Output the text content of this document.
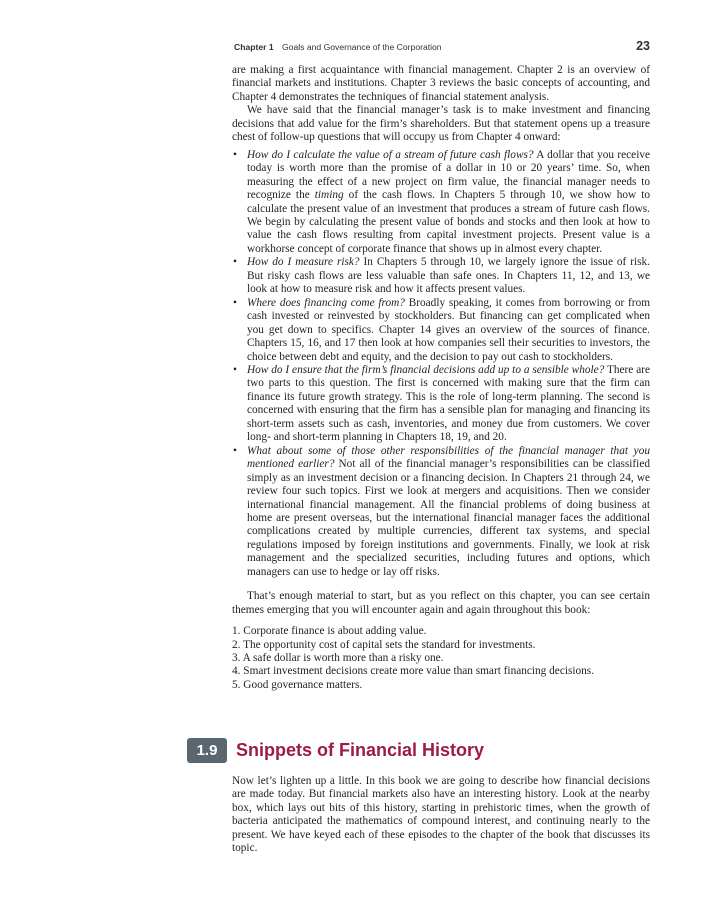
Chapter 1 Goals and Governance of the Corporation	23

are making a first acquaintance with financial management. Chapter 2 is an overview of financial markets and institutions. Chapter 3 reviews the basic concepts of accounting, and Chapter 4 demonstrates the techniques of financial statement analysis.

We have said that the financial manager’s task is to make investment and financing decisions that add value for the firm’s shareholders. But that statement opens up a treasure chest of follow-up questions that will occupy us from Chapter 4 onward:

• How do I calculate the value of a stream of future cash flows? A dollar that you receive today is worth more than the promise of a dollar in 10 or 20 years’ time. So, when measuring the effect of a new project on firm value, the financial manager needs to recognize the timing of the cash flows. In Chapters 5 through 10, we show how to calculate the present value of an investment that produces a stream of future cash flows. We begin by calculating the present value of bonds and stocks and then look at how to value the cash flows resulting from capital investment projects. Present value is a workhorse concept of corporate finance that shows up in almost every chapter.
• How do I measure risk? In Chapters 5 through 10, we largely ignore the issue of risk. But risky cash flows are less valuable than safe ones. In Chapters 11, 12, and 13, we look at how to measure risk and how it affects present values.
• Where does financing come from? Broadly speaking, it comes from borrowing or from cash invested or reinvested by stockholders. But financing can get complicated when you get down to specifics. Chapter 14 gives an overview of the sources of finance. Chapters 15, 16, and 17 then look at how companies sell their securities to investors, the choice between debt and equity, and the decision to pay out cash to stockholders.
• How do I ensure that the firm’s financial decisions add up to a sensible whole? There are two parts to this question. The first is concerned with making sure that the firm can finance its future growth strategy. This is the role of long-term planning. The second is concerned with ensuring that the firm has a sensible plan for managing and financing its short-term assets such as cash, inventories, and money due from customers. We cover long- and short-term planning in Chapters 18, 19, and 20.
• What about some of those other responsibilities of the financial manager that you mentioned earlier? Not all of the financial manager’s responsibilities can be classified simply as an investment decision or a financing decision. In Chapters 21 through 24, we review four such topics. First we look at mergers and acquisitions. Then we consider international financial management. All the financial problems of doing business at home are present overseas, but the international financial manager faces the additional complications created by multiple currencies, different tax systems, and special regulations imposed by foreign institutions and governments. Finally, we look at risk management and the specialized securities, including futures and options, which managers can use to hedge or lay off risks.

That’s enough material to start, but as you reflect on this chapter, you can see certain themes emerging that you will encounter again and again throughout this book:

1. Corporate finance is about adding value.
2. The opportunity cost of capital sets the standard for investments.
3. A safe dollar is worth more than a risky one.
4. Smart investment decisions create more value than smart financing decisions.
5. Good governance matters.
1.9	Snippets of Financial History

Now let’s lighten up a little. In this book we are going to describe how financial decisions are made today. But financial markets also have an interesting history. Look at the nearby box, which lays out bits of this history, starting in prehistoric times, when the growth of bacteria anticipated the mathematics of compound interest, and continuing nearly to the present. We have keyed each of these episodes to the chapter of the book that discusses its topic.
